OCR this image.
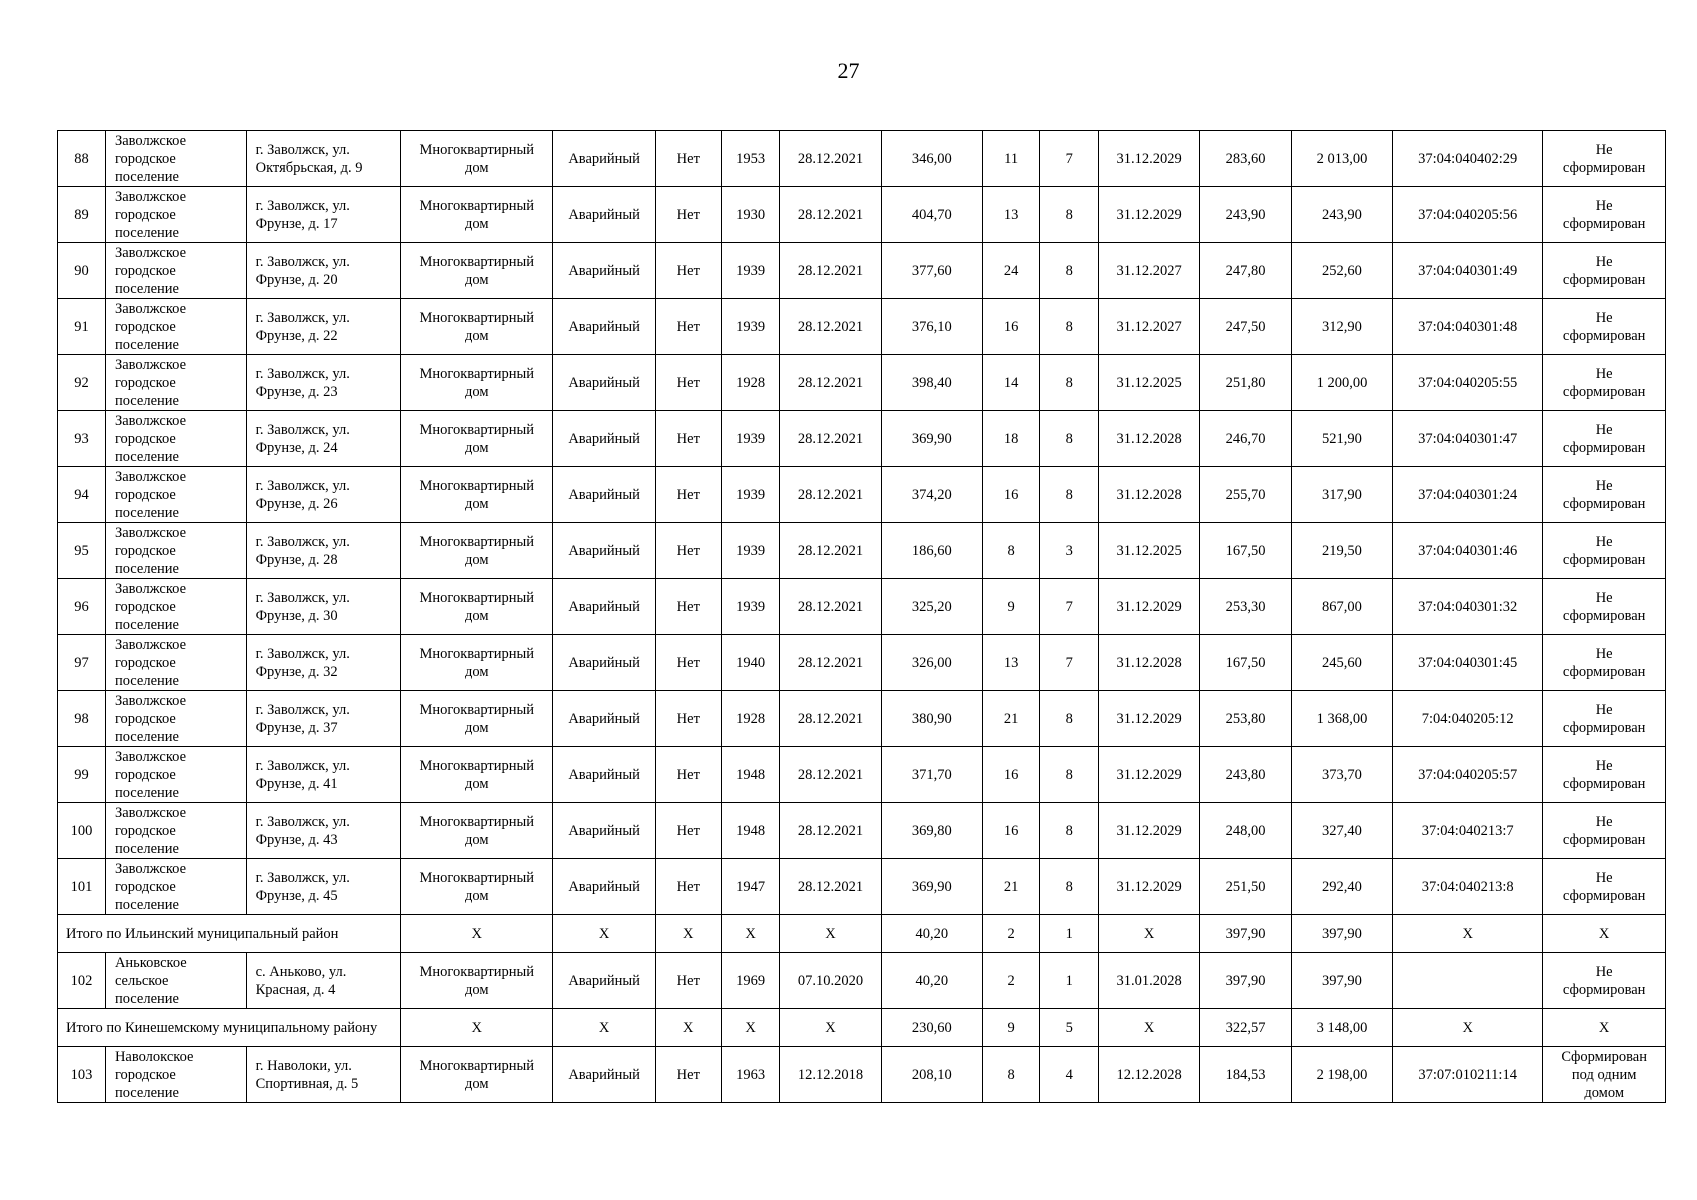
27
88	Заволжское
городское
поселение	г. Заволжск, ул.
Октябрьская, д. 9	Многоквартирный
дом	Аварийный	Нет	1953	28.12.2021	346,00	11	7	31.12.2029	283,60	2 013,00	37:04:040402:29	Не
сформирован
89	Заволжское
городское
поселение	г. Заволжск, ул.
Фрунзе, д. 17	Многоквартирный
дом	Аварийный	Нет	1930	28.12.2021	404,70	13	8	31.12.2029	243,90	243,90	37:04:040205:56	Не
сформирован
90	Заволжское
городское
поселение	г. Заволжск, ул.
Фрунзе, д. 20	Многоквартирный
дом	Аварийный	Нет	1939	28.12.2021	377,60	24	8	31.12.2027	247,80	252,60	37:04:040301:49	Не
сформирован
91	Заволжское
городское
поселение	г. Заволжск, ул.
Фрунзе, д. 22	Многоквартирный
дом	Аварийный	Нет	1939	28.12.2021	376,10	16	8	31.12.2027	247,50	312,90	37:04:040301:48	Не
сформирован
92	Заволжское
городское
поселение	г. Заволжск, ул.
Фрунзе, д. 23	Многоквартирный
дом	Аварийный	Нет	1928	28.12.2021	398,40	14	8	31.12.2025	251,80	1 200,00	37:04:040205:55	Не
сформирован
93	Заволжское
городское
поселение	г. Заволжск, ул.
Фрунзе, д. 24	Многоквартирный
дом	Аварийный	Нет	1939	28.12.2021	369,90	18	8	31.12.2028	246,70	521,90	37:04:040301:47	Не
сформирован
94	Заволжское
городское
поселение	г. Заволжск, ул.
Фрунзе, д. 26	Многоквартирный
дом	Аварийный	Нет	1939	28.12.2021	374,20	16	8	31.12.2028	255,70	317,90	37:04:040301:24	Не
сформирован
95	Заволжское
городское
поселение	г. Заволжск, ул.
Фрунзе, д. 28	Многоквартирный
дом	Аварийный	Нет	1939	28.12.2021	186,60	8	3	31.12.2025	167,50	219,50	37:04:040301:46	Не
сформирован
96	Заволжское
городское
поселение	г. Заволжск, ул.
Фрунзе, д. 30	Многоквартирный
дом	Аварийный	Нет	1939	28.12.2021	325,20	9	7	31.12.2029	253,30	867,00	37:04:040301:32	Не
сформирован
97	Заволжское
городское
поселение	г. Заволжск, ул.
Фрунзе, д. 32	Многоквартирный
дом	Аварийный	Нет	1940	28.12.2021	326,00	13	7	31.12.2028	167,50	245,60	37:04:040301:45	Не
сформирован
98	Заволжское
городское
поселение	г. Заволжск, ул.
Фрунзе, д. 37	Многоквартирный
дом	Аварийный	Нет	1928	28.12.2021	380,90	21	8	31.12.2029	253,80	1 368,00	7:04:040205:12	Не
сформирован
99	Заволжское
городское
поселение	г. Заволжск, ул.
Фрунзе, д. 41	Многоквартирный
дом	Аварийный	Нет	1948	28.12.2021	371,70	16	8	31.12.2029	243,80	373,70	37:04:040205:57	Не
сформирован
100	Заволжское
городское
поселение	г. Заволжск, ул.
Фрунзе, д. 43	Многоквартирный
дом	Аварийный	Нет	1948	28.12.2021	369,80	16	8	31.12.2029	248,00	327,40	37:04:040213:7	Не
сформирован
101	Заволжское
городское
поселение	г. Заволжск, ул.
Фрунзе, д. 45	Многоквартирный
дом	Аварийный	Нет	1947	28.12.2021	369,90	21	8	31.12.2029	251,50	292,40	37:04:040213:8	Не
сформирован
Итого по Ильинский муниципальный район			X	X	X	X	X	40,20	2	1	X	397,90	397,90	X	X
102	Аньковское
сельское
поселение	с. Аньково, ул.
Красная, д. 4	Многоквартирный
дом	Аварийный	Нет	1969	07.10.2020	40,20	2	1	31.01.2028	397,90	397,90		Не
сформирован
Итого по Кинешемскому муниципальному району			X	X	X	X	X	230,60	9	5	X	322,57	3 148,00	X	X
103	Наволокское
городское
поселение	г. Наволоки, ул.
Спортивная, д. 5	Многоквартирный
дом	Аварийный	Нет	1963	12.12.2018	208,10	8	4	12.12.2028	184,53	2 198,00	37:07:010211:14	Сформирован
под одним
домом
